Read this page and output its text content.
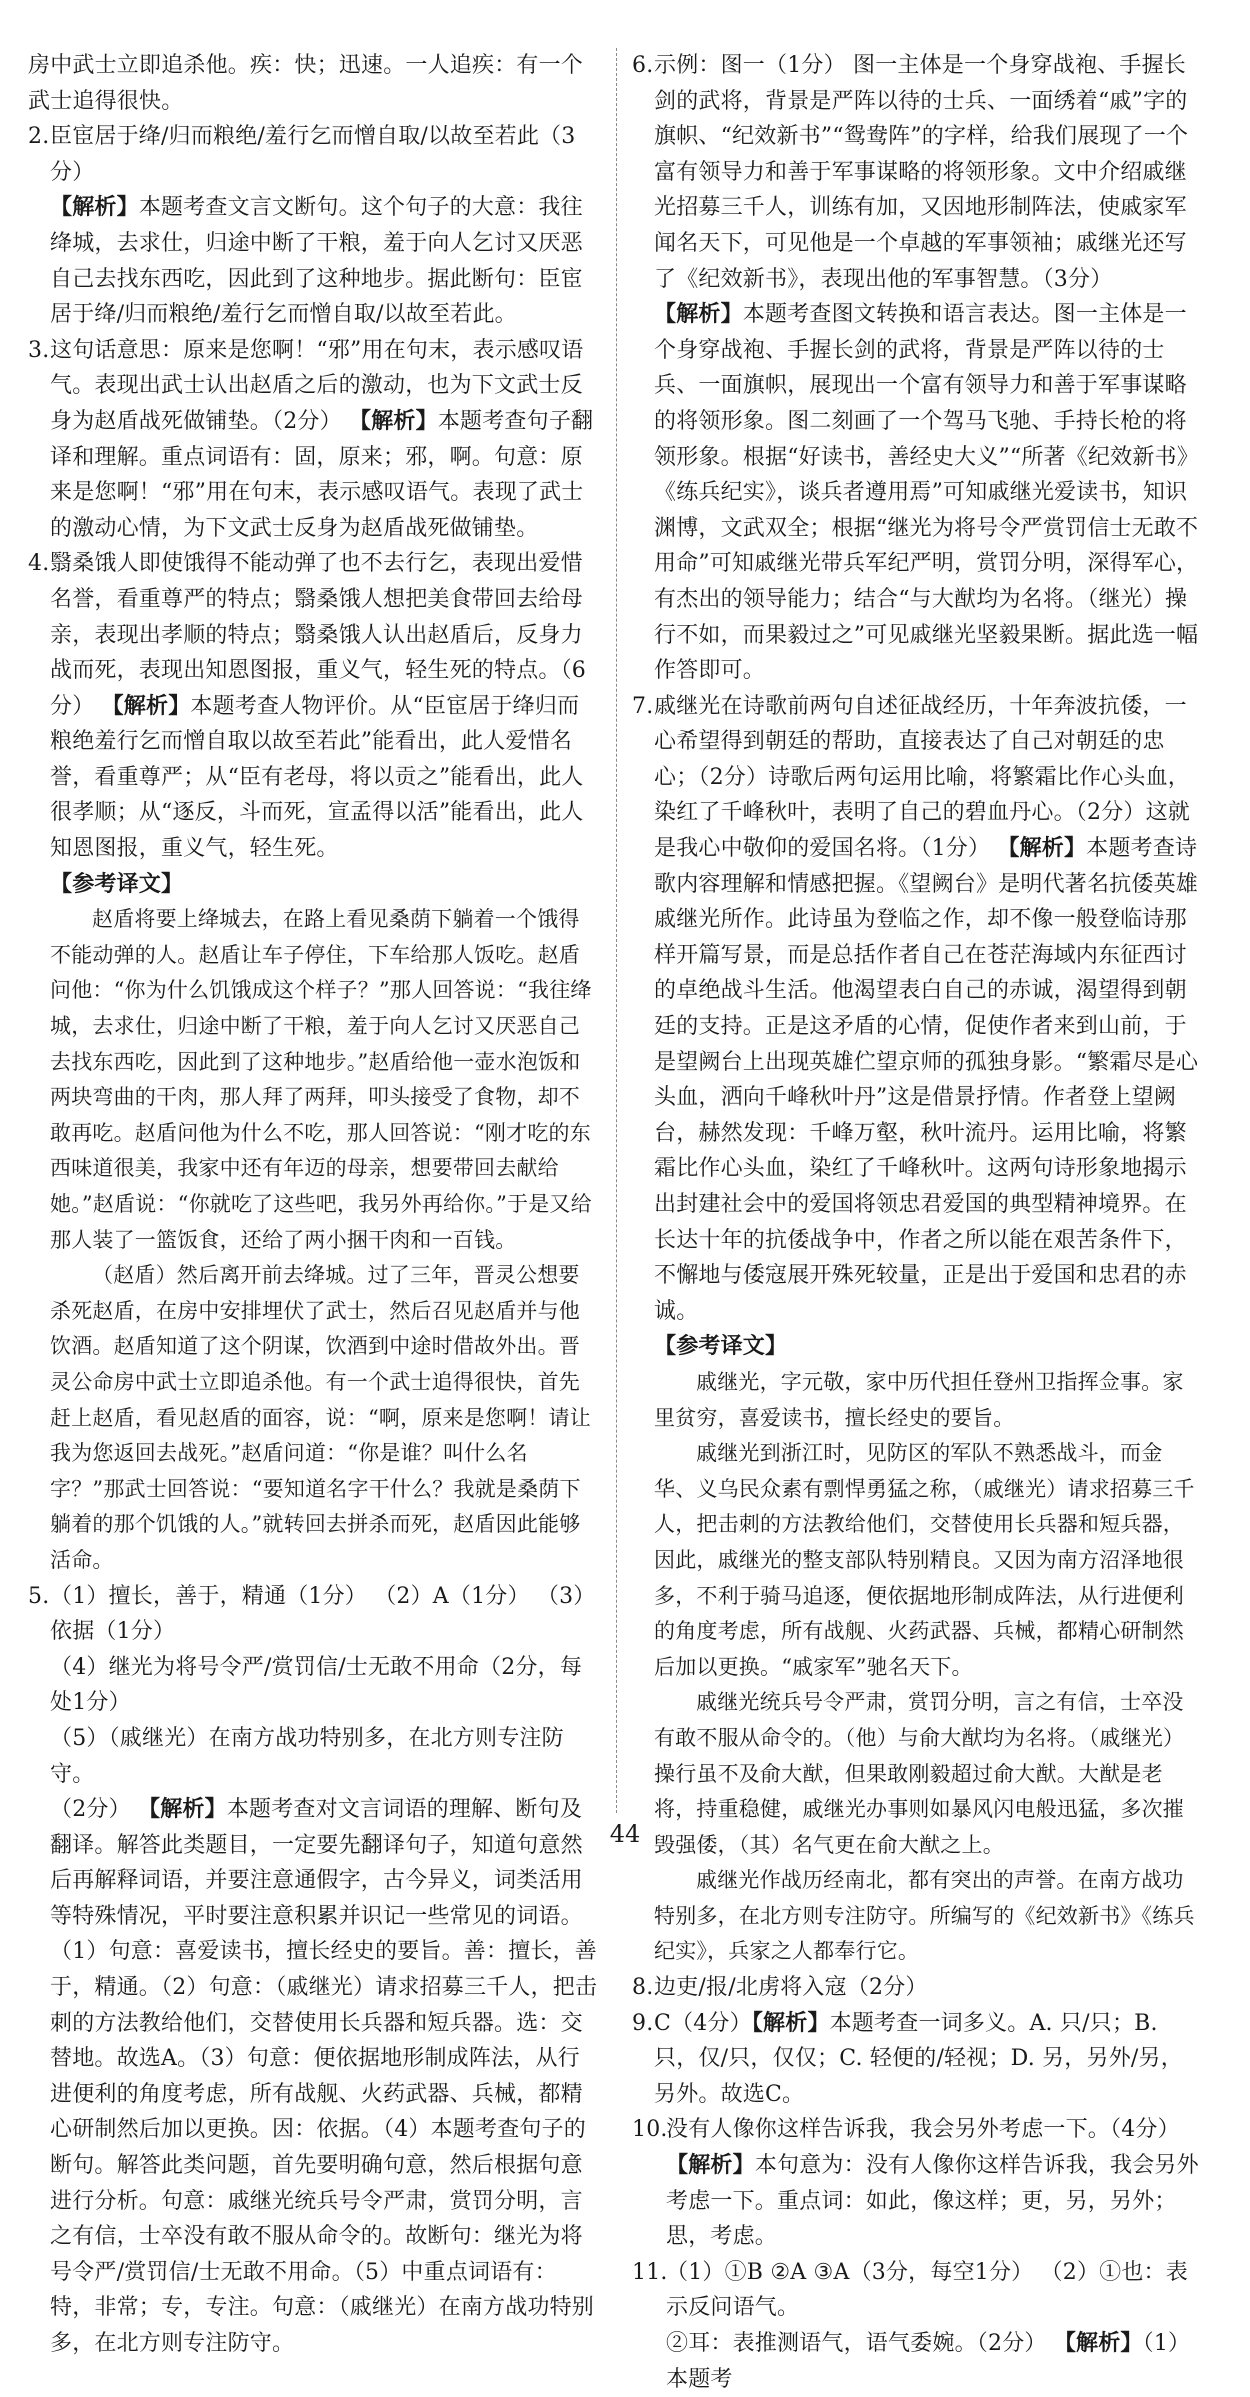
房中武士立即追杀他。疾：快；迅速。一人追疾：有一个武士追得很快。

2. 臣宦居于绛/归而粮绝/羞行乞而憎自取/以故至若此（3分）
【解析】本题考查文言文断句。这个句子的大意：我往绛城，去求仕，归途中断了干粮，羞于向人乞讨又厌恶自己去找东西吃，因此到了这种地步。据此断句：臣宦居于绛/归而粮绝/羞行乞而憎自取/以故至若此。
3. 这句话意思：原来是您啊！“邪”用在句末，表示感叹语气。表现出武士认出赵盾之后的激动，也为下文武士反身为赵盾战死做铺垫。（2分） 【解析】本题考查句子翻译和理解。重点词语有：固，原来；邪，啊。句意：原来是您啊！“邪”用在句末，表示感叹语气。表现了武士的激动心情，为下文武士反身为赵盾战死做铺垫。
4. 翳桑饿人即使饿得不能动弹了也不去行乞，表现出爱惜名誉，看重尊严的特点；翳桑饿人想把美食带回去给母亲，表现出孝顺的特点；翳桑饿人认出赵盾后，反身力战而死，表现出知恩图报，重义气，轻生死的特点。（6分） 【解析】本题考查人物评价。从“臣宦居于绛归而粮绝羞行乞而憎自取以故至若此”能看出，此人爱惜名誉，看重尊严；从“臣有老母，将以贡之”能看出，此人很孝顺；从“逐反，斗而死，宣孟得以活”能看出，此人知恩图报，重义气，轻生死。
【参考译文】
赵盾将要上绛城去，在路上看见桑荫下躺着一个饿得不能动弹的人。赵盾让车子停住，下车给那人饭吃。赵盾问他：“你为什么饥饿成这个样子？”那人回答说：“我往绛城，去求仕，归途中断了干粮，羞于向人乞讨又厌恶自己去找东西吃，因此到了这种地步。”赵盾给他一壶水泡饭和两块弯曲的干肉，那人拜了两拜，叩头接受了食物，却不敢再吃。赵盾问他为什么不吃，那人回答说：“刚才吃的东西味道很美，我家中还有年迈的母亲，想要带回去献给她。”赵盾说：“你就吃了这些吧，我另外再给你。”于是又给那人装了一篮饭食，还给了两小捆干肉和一百钱。
（赵盾）然后离开前去绛城。过了三年，晋灵公想要杀死赵盾，在房中安排埋伏了武士，然后召见赵盾并与他饮酒。赵盾知道了这个阴谋，饮酒到中途时借故外出。晋灵公命房中武士立即追杀他。有一个武士追得很快，首先赶上赵盾，看见赵盾的面容，说：“啊，原来是您啊！请让我为您返回去战死。”赵盾问道：“你是谁？叫什么名字？”那武士回答说：“要知道名字干什么？我就是桑荫下躺着的那个饥饿的人。”就转回去拼杀而死，赵盾因此能够活命。
5. （1）擅长，善于，精通（1分） （2）A（1分） （3）依据（1分）
（4）继光为将号令严/赏罚信/士无敢不用命（2分，每处1分）
（5）（戚继光）在南方战功特别多，在北方则专注防守。
（2分） 【解析】本题考查对文言词语的理解、断句及翻译。解答此类题目，一定要先翻译句子，知道句意然后再解释词语，并要注意通假字，古今异义，词类活用等特殊情况，平时要注意积累并识记一些常见的词语。（1）句意：喜爱读书，擅长经史的要旨。善：擅长，善于，精通。（2）句意：（戚继光）请求招募三千人，把击刺的方法教给他们，交替使用长兵器和短兵器。选：交替地。故选A。（3）句意：便依据地形制成阵法，从行进便利的角度考虑，所有战舰、火药武器、兵械，都精心研制然后加以更换。因：依据。（4）本题考查句子的断句。解答此类问题，首先要明确句意，然后根据句意进行分析。句意：戚继光统兵号令严肃，赏罚分明，言之有信，士卒没有敢不服从命令的。故断句：继光为将号令严/赏罚信/士无敢不用命。（5）中重点词语有：特，非常；专，专注。句意：（戚继光）在南方战功特别多，在北方则专注防守。
6. 示例：图一（1分） 图一主体是一个身穿战袍、手握长剑的武将，背景是严阵以待的士兵、一面绣着“戚”字的旗帜、“纪效新书”“鸳鸯阵”的字样，给我们展现了一个富有领导力和善于军事谋略的将领形象。文中介绍戚继光招募三千人，训练有加，又因地形制阵法，使戚家军闻名天下，可见他是一个卓越的军事领袖；戚继光还写了《纪效新书》，表现出他的军事智慧。（3分） 【解析】本题考查图文转换和语言表达。图一主体是一个身穿战袍、手握长剑的武将，背景是严阵以待的士兵、一面旗帜，展现出一个富有领导力和善于军事谋略的将领形象。图二刻画了一个驾马飞驰、手持长枪的将领形象。根据“好读书，善经史大义”“所著《纪效新书》《练兵纪实》，谈兵者遵用焉”可知戚继光爱读书，知识渊博，文武双全；根据“继光为将号令严赏罚信士无敢不用命”可知戚继光带兵军纪严明，赏罚分明，深得军心，有杰出的领导能力；结合“与大猷均为名将。（继光）操行不如，而果毅过之”可见戚继光坚毅果断。据此选一幅作答即可。
7. 戚继光在诗歌前两句自述征战经历，十年奔波抗倭，一心希望得到朝廷的帮助，直接表达了自己对朝廷的忠心；（2分）诗歌后两句运用比喻，将繁霜比作心头血，染红了千峰秋叶，表明了自己的碧血丹心。（2分）这就是我心中敬仰的爱国名将。（1分） 【解析】本题考查诗歌内容理解和情感把握。《望阙台》是明代著名抗倭英雄戚继光所作。此诗虽为登临之作，却不像一般登临诗那样开篇写景，而是总括作者自己在苍茫海域内东征西讨的卓绝战斗生活。他渴望表白自己的赤诚，渴望得到朝廷的支持。正是这矛盾的心情，促使作者来到山前，于是望阙台上出现英雄伫望京师的孤独身影。“繁霜尽是心头血，洒向千峰秋叶丹”这是借景抒情。作者登上望阙台，赫然发现：千峰万壑，秋叶流丹。运用比喻，将繁霜比作心头血，染红了千峰秋叶。这两句诗形象地揭示出封建社会中的爱国将领忠君爱国的典型精神境界。在长达十年的抗倭战争中，作者之所以能在艰苦条件下，不懈地与倭寇展开殊死较量，正是出于爱国和忠君的赤诚。
【参考译文】
戚继光，字元敬，家中历代担任登州卫指挥佥事。家里贫穷，喜爱读书，擅长经史的要旨。
戚继光到浙江时，见防区的军队不熟悉战斗，而金华、义乌民众素有剽悍勇猛之称，（戚继光）请求招募三千人，把击刺的方法教给他们，交替使用长兵器和短兵器，因此，戚继光的整支部队特别精良。又因为南方沼泽地很多，不利于骑马追逐，便依据地形制成阵法，从行进便利的角度考虑，所有战舰、火药武器、兵械，都精心研制然后加以更换。“戚家军”驰名天下。
戚继光统兵号令严肃，赏罚分明，言之有信，士卒没有敢不服从命令的。（他）与俞大猷均为名将。（戚继光）操行虽不及俞大猷，但果敢刚毅超过俞大猷。大猷是老将，持重稳健，戚继光办事则如暴风闪电般迅猛，多次摧毁强倭，（其）名气更在俞大猷之上。
戚继光作战历经南北，都有突出的声誉。在南方战功特别多，在北方则专注防守。所编写的《纪效新书》《练兵纪实》，兵家之人都奉行它。
8. 边吏/报/北虏将入寇（2分）
9. C（4分）【解析】本题考查一词多义。A. 只/只；B. 只，仅/只，仅仅；C. 轻便的/轻视；D. 另，另外/另，另外。故选C。
10.
没有人像你这样告诉我，我会另外考虑一下。（4分） 【解析】本句意为：没有人像你这样告诉我，我会另外考虑一下。重点词：如此，像这样；更，另，另外；思，考虑。
11.
（1）①B ②A ③A（3分，每空1分） （2）①也：表示反问语气。
②耳：表推测语气，语气委婉。（2分） 【解析】（1）本题考
44
